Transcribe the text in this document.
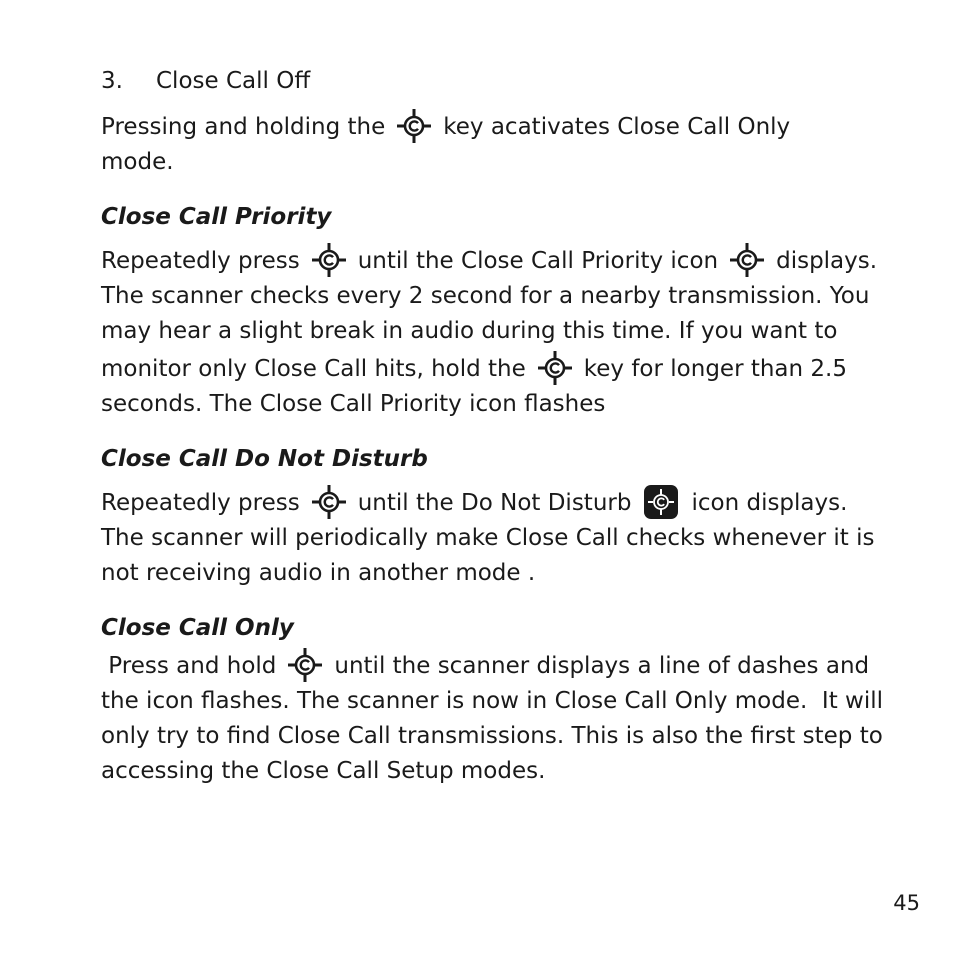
3. Close Call Off

Pressing and holding the	key acativates Close Call Only
mode.

Close Call Priority

Repeatedly press	until the Close Call Priority icon	displays.
The scanner checks every 2 second for a nearby transmission. You
may hear a slight break in audio during this time. If you want to
monitor only Close Call hits, hold the	key for longer than 2.5
seconds. The Close Call Priority icon flashes

Close Call Do Not Disturb

Repeatedly press	until the Do Not Disturb	icon displays.
The scanner will periodically make Close Call checks whenever it is
not receiving audio in another mode .

Close Call Only

Press and hold	until the scanner displays a line of dashes and
the icon flashes. The scanner is now in Close Call Only mode.  It will
only try to find Close Call transmissions. This is also the first step to
accessing the Close Call Setup modes.

45
